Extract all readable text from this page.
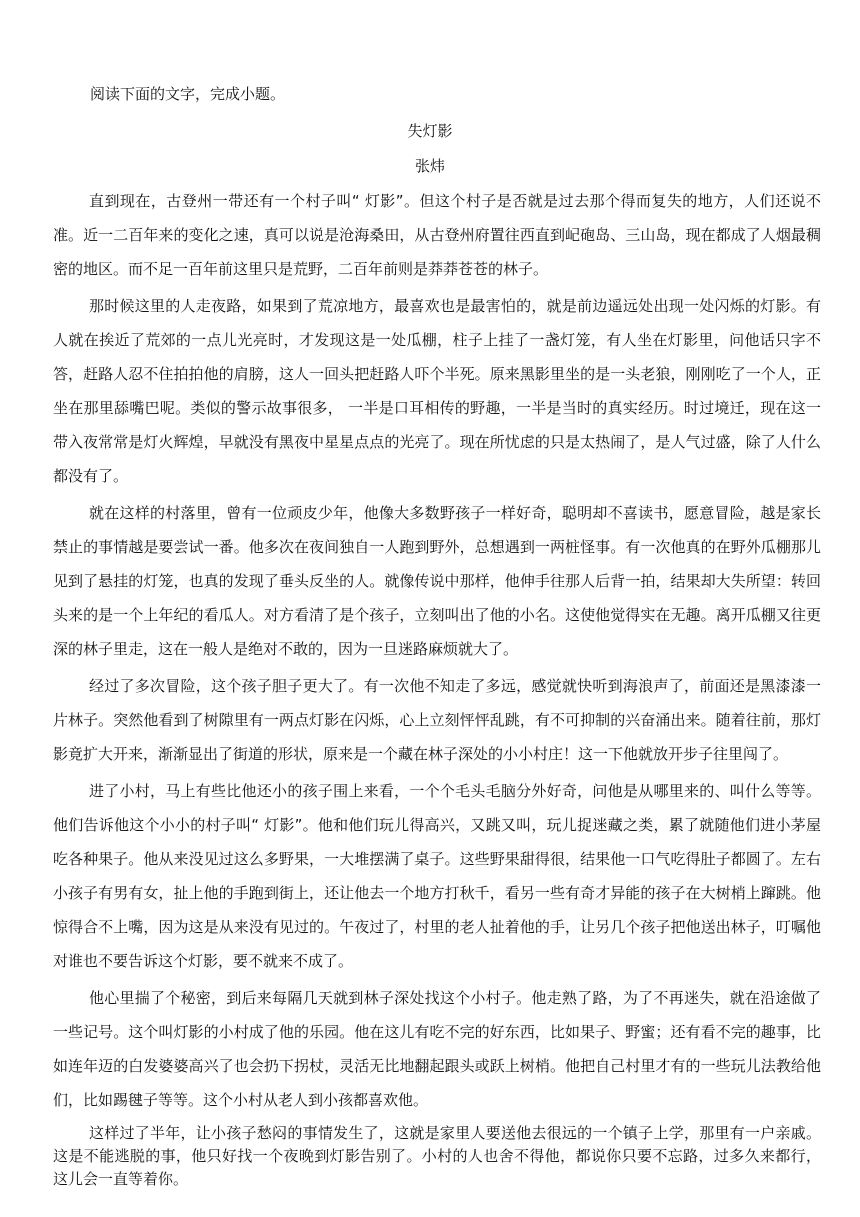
阅读下面的文字，完成小题。
失灯影
张炜

直到现在，古登州一带还有一个村子叫“ 灯影”。但这个村子是否就是过去那个得而复失的地方，人们还说不准。近一二百年来的变化之速，真可以说是沧海桑田，从古登州府置往西直到屺砲岛、三山岛，现在都成了人烟最稠密的地区。而不足一百年前这里只是荒野，二百年前则是莽莽苍苍的林子。

那时候这里的人走夜路，如果到了荒凉地方，最喜欢也是最害怕的，就是前边遥远处出现一处闪烁的灯影。有人就在挨近了荒郊的一点儿光亮时，才发现这是一处瓜棚，柱子上挂了一盏灯笼，有人坐在灯影里，问他话只字不答，赶路人忍不住拍拍他的肩膀，这人一回头把赶路人吓个半死。原来黑影里坐的是一头老狼，刚刚吃了一个人，正坐在那里舔嘴巴呢。类似的警示故事很多， 一半是口耳相传的野趣，一半是当时的真实经历。时过境迁，现在这一带入夜常常是灯火辉煌，早就没有黑夜中星星点点的光亮了。现在所忧虑的只是太热闹了，是人气过盛，除了人什么都没有了。

就在这样的村落里，曾有一位顽皮少年，他像大多数野孩子一样好奇，聪明却不喜读书，愿意冒险，越是家长禁止的事情越是要尝试一番。他多次在夜间独自一人跑到野外，总想遇到一两桩怪事。有一次他真的在野外瓜棚那儿见到了悬挂的灯笼，也真的发现了垂头反坐的人。就像传说中那样，他伸手往那人后背一拍，结果却大失所望：转回头来的是一个上年纪的看瓜人。对方看清了是个孩子，立刻叫出了他的小名。这使他觉得实在无趣。离开瓜棚又往更深的林子里走，这在一般人是绝对不敢的，因为一旦迷路麻烦就大了。

经过了多次冒险，这个孩子胆子更大了。有一次他不知走了多远，感觉就快听到海浪声了，前面还是黑漆漆一片林子。突然他看到了树隙里有一两点灯影在闪烁，心上立刻怦怦乱跳，有不可抑制的兴奋涌出来。随着往前，那灯影竟扩大开来，渐渐显出了街道的形状，原来是一个藏在林子深处的小小村庄！这一下他就放开步子往里闯了。

进了小村，马上有些比他还小的孩子围上来看，一个个毛头毛脑分外好奇，问他是从哪里来的、叫什么等等。他们告诉他这个小小的村子叫“ 灯影”。他和他们玩儿得高兴，又跳又叫，玩儿捉迷藏之类，累了就随他们进小茅屋吃各种果子。他从来没见过这么多野果，一大堆摆满了桌子。这些野果甜得很，结果他一口气吃得肚子都圆了。左右小孩子有男有女，扯上他的手跑到街上，还让他去一个地方打秋千，看另一些有奇才异能的孩子在大树梢上蹿跳。他惊得合不上嘴，因为这是从来没有见过的。午夜过了，村里的老人扯着他的手，让另几个孩子把他送出林子，叮嘱他对谁也不要告诉这个灯影，要不就来不成了。

他心里揣了个秘密，到后来每隔几天就到林子深处找这个小村子。他走熟了路，为了不再迷失，就在沿途做了一些记号。这个叫灯影的小村成了他的乐园。他在这儿有吃不完的好东西，比如果子、野蜜；还有看不完的趣事，比如连年迈的白发婆婆高兴了也会扔下拐杖，灵活无比地翻起跟头或跃上树梢。他把自己村里才有的一些玩儿法教给他们，比如踢毽子等等。这个小村从老人到小孩都喜欢他。

这样过了半年，让小孩子愁闷的事情发生了，这就是家里人要送他去很远的一个镇子上学，那里有一户亲戚。这是不能逃脱的事，他只好找一个夜晚到灯影告别了。小村的人也舍不得他，都说你只要不忘路，过多久来都行， 这儿会一直等着你。
